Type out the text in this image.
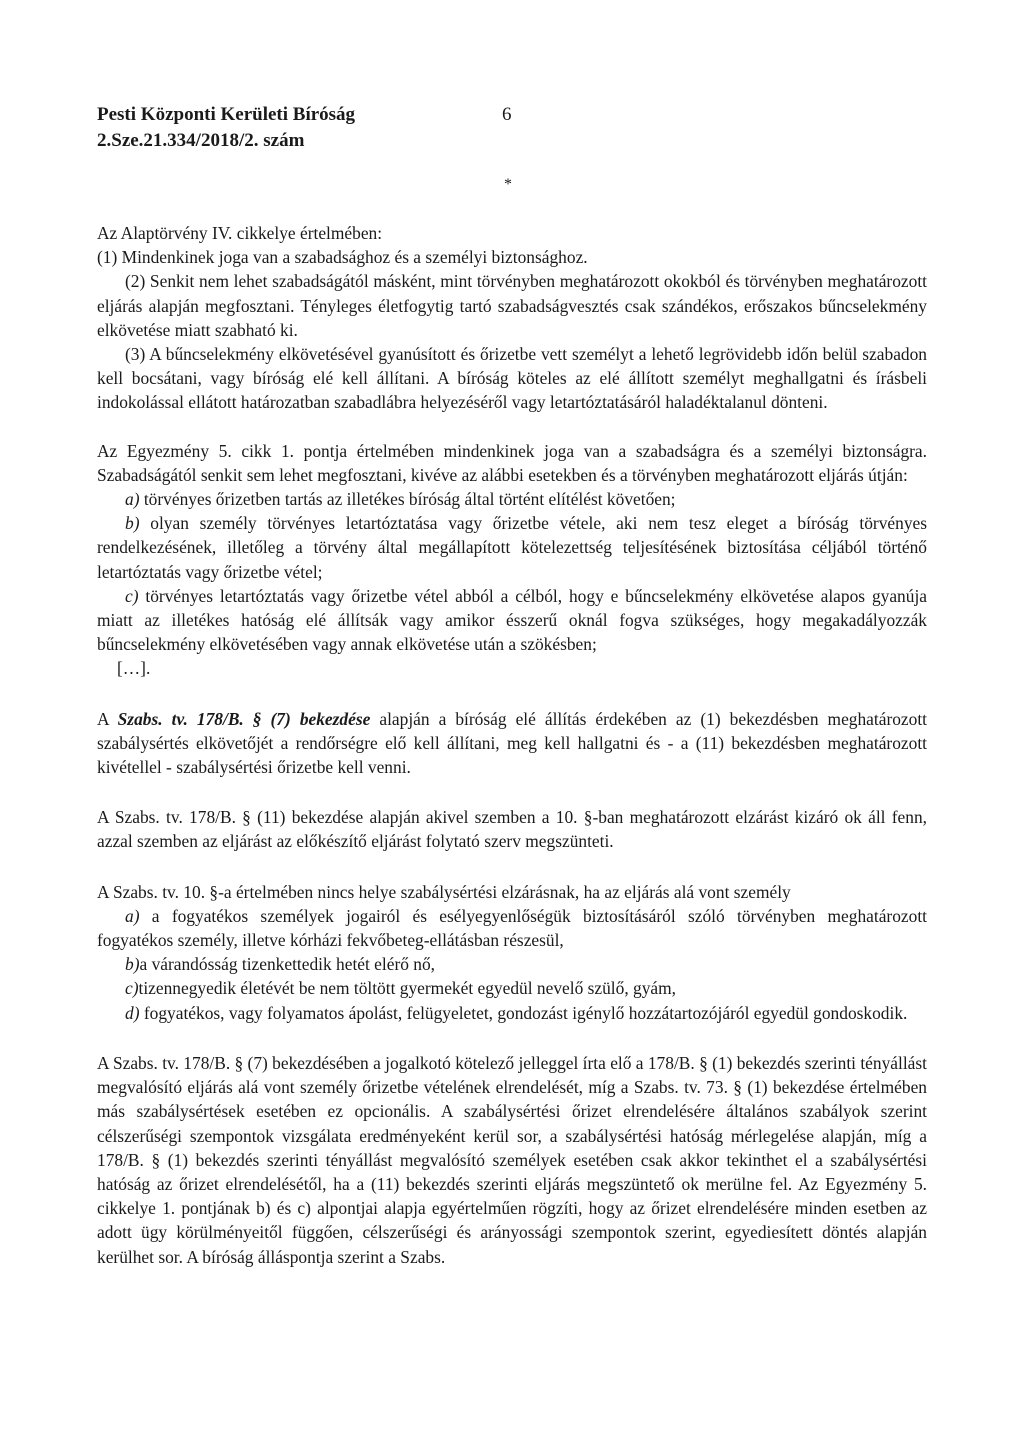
Pesti Központi Kerületi Bíróság
2.Sze.21.334/2018/2. szám
6
*

Az Alaptörvény IV. cikkelye értelmében:

(1) Mindenkinek joga van a szabadsághoz és a személyi biztonsághoz.

(2) Senkit nem lehet szabadságától másként, mint törvényben meghatározott okokból és törvényben meghatározott eljárás alapján megfosztani. Tényleges életfogytig tartó szabadságvesztés csak szándékos, erőszakos bűncselekmény elkövetése miatt szabható ki.

(3) A bűncselekmény elkövetésével gyanúsított és őrizetbe vett személyt a lehető legrövidebb időn belül szabadon kell bocsátani, vagy bíróság elé kell állítani. A bíróság köteles az elé állított személyt meghallgatni és írásbeli indokolással ellátott határozatban szabadlábra helyezéséről vagy letartóztatásáról haladéktalanul dönteni.

Az Egyezmény 5. cikk 1. pontja értelmében mindenkinek joga van a szabadságra és a személyi biztonságra. Szabadságától senkit sem lehet megfosztani, kivéve az alábbi esetekben és a törvényben meghatározott eljárás útján:

a) törvényes őrizetben tartás az illetékes bíróság által történt elítélést követően;

b) olyan személy törvényes letartóztatása vagy őrizetbe vétele, aki nem tesz eleget a bíróság törvényes rendelkezésének, illetőleg a törvény által megállapított kötelezettség teljesítésének biztosítása céljából történő letartóztatás vagy őrizetbe vétel;

c) törvényes letartóztatás vagy őrizetbe vétel abból a célból, hogy e bűncselekmény elkövetése alapos gyanúja miatt az illetékes hatóság elé állítsák vagy amikor ésszerű oknál fogva szükséges, hogy megakadályozzák bűncselekmény elkövetésében vagy annak elkövetése után a szökésben;

[…].

A Szabs. tv. 178/B. § (7) bekezdése alapján a bíróság elé állítás érdekében az (1) bekezdésben meghatározott szabálysértés elkövetőjét a rendőrségre elő kell állítani, meg kell hallgatni és - a (11) bekezdésben meghatározott kivétellel - szabálysértési őrizetbe kell venni.

A Szabs. tv. 178/B. § (11) bekezdése alapján akivel szemben a 10. §-ban meghatározott elzárást kizáró ok áll fenn, azzal szemben az eljárást az előkészítő eljárást folytató szerv megszünteti.

A Szabs. tv. 10. §-a értelmében nincs helye szabálysértési elzárásnak, ha az eljárás alá vont személy

a) a fogyatékos személyek jogairól és esélyegyenlőségük biztosításáról szóló törvényben meghatározott fogyatékos személy, illetve kórházi fekvőbeteg-ellátásban részesül,

b)a várandósság tizenkettedik hetét elérő nő,

c)tizennegyedik életévét be nem töltött gyermekét egyedül nevelő szülő, gyám,

d) fogyatékos, vagy folyamatos ápolást, felügyeletet, gondozást igénylő hozzátartozójáról egyedül gondoskodik.

A Szabs. tv. 178/B. § (7) bekezdésében a jogalkotó kötelező jelleggel írta elő a 178/B. § (1) bekezdés szerinti tényállást megvalósító eljárás alá vont személy őrizetbe vételének elrendelését, míg a Szabs. tv. 73. § (1) bekezdése értelmében más szabálysértések esetében ez opcionális. A szabálysértési őrizet elrendelésére általános szabályok szerint célszerűségi szempontok vizsgálata eredményeként kerül sor, a szabálysértési hatóság mérlegelése alapján, míg a 178/B. § (1) bekezdés szerinti tényállást megvalósító személyek esetében csak akkor tekinthet el a szabálysértési hatóság az őrizet elrendelésétől, ha a (11) bekezdés szerinti eljárás megszüntető ok merülne fel. Az Egyezmény 5. cikkelye 1. pontjának b) és c) alpontjai alapja egyértelműen rögzíti, hogy az őrizet elrendelésére minden esetben az adott ügy körülményeitől függően, célszerűségi és arányossági szempontok szerint, egyediesített döntés alapján kerülhet sor. A bíróság álláspontja szerint a Szabs.
